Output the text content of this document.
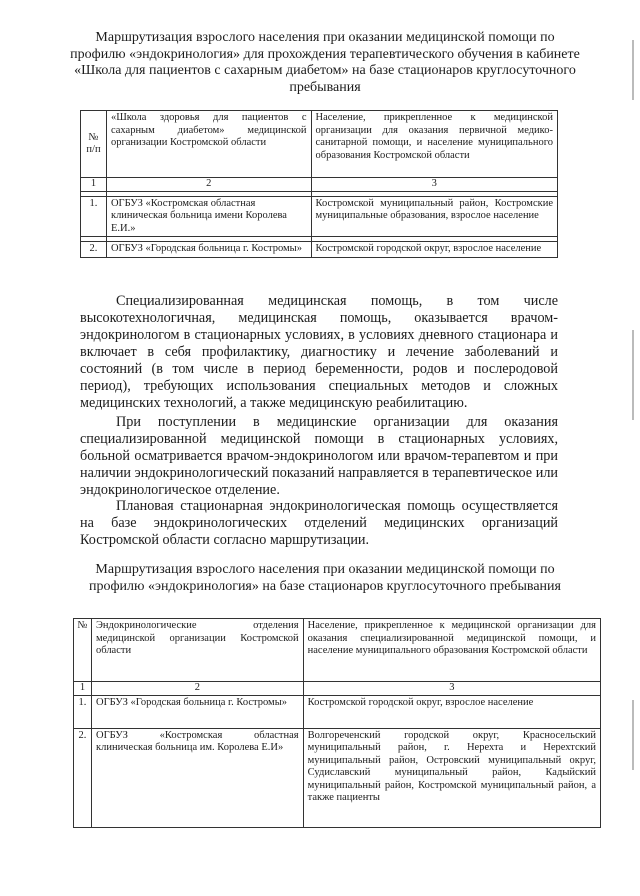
Маршрутизация взрослого населения при оказании медицинской помощи по профилю «эндокринология» для прохождения терапевтического обучения в кабинете «Школа для пациентов с сахарным диабетом» на базе стационаров круглосуточного пребывания
№ п/п	«Школа здоровья для пациентов с сахарным диабетом» медицинской организации Костромской области	Население, прикрепленное к медицинской организации для оказания первичной медико-санитарной помощи, и население муниципального образования Костромской области
1	2	3

1.	ОГБУЗ «Костромская областная клиническая больница имени Королева Е.И.»	Костромской муниципальный район, Костромские муниципальные образования, взрослое население

2.	ОГБУЗ «Городская больница г. Костромы»	Костромской городской округ, взрослое население
Специализированная медицинская помощь, в том числе высокотехнологичная, медицинская помощь, оказывается врачом-эндокринологом в стационарных условиях, в условиях дневного стационара и включает в себя профилактику, диагностику и лечение заболеваний и состояний (в том числе в период беременности, родов и послеродовой период), требующих использования специальных методов и сложных медицинских технологий, а также медицинскую реабилитацию.
При поступлении в медицинские организации для оказания специализированной медицинской помощи в стационарных условиях, больной осматривается врачом-эндокринологом или врачом-терапевтом и при наличии эндокринологический показаний направляется в терапевтическое или эндокринологическое отделение.
Плановая стационарная эндокринологическая помощь осуществляется на базе эндокринологических отделений медицинских организаций Костромской области согласно маршрутизации.
Маршрутизация взрослого населения при оказании медицинской помощи по профилю «эндокринология» на базе стационаров круглосуточного пребывания
№	Эндокринологические отделения медицинской организации Костромской области	Население, прикрепленное к медицинской организации для оказания специализированной медицинской помощи, и население муниципального образования Костромской области
1	2	3
1.	ОГБУЗ «Городская больница г. Костромы»	Костромской городской округ, взрослое население
2.	ОГБУЗ «Костромская областная клиническая больница им. Королева Е.И»	Волгореченский городской округ, Красносельский муниципальный район, г. Нерехта и Нерехтский муниципальный район, Островский муниципальный округ, Судиславский муниципальный район, Кадыйский муниципальный район, Костромской муниципальный район, а также пациенты
